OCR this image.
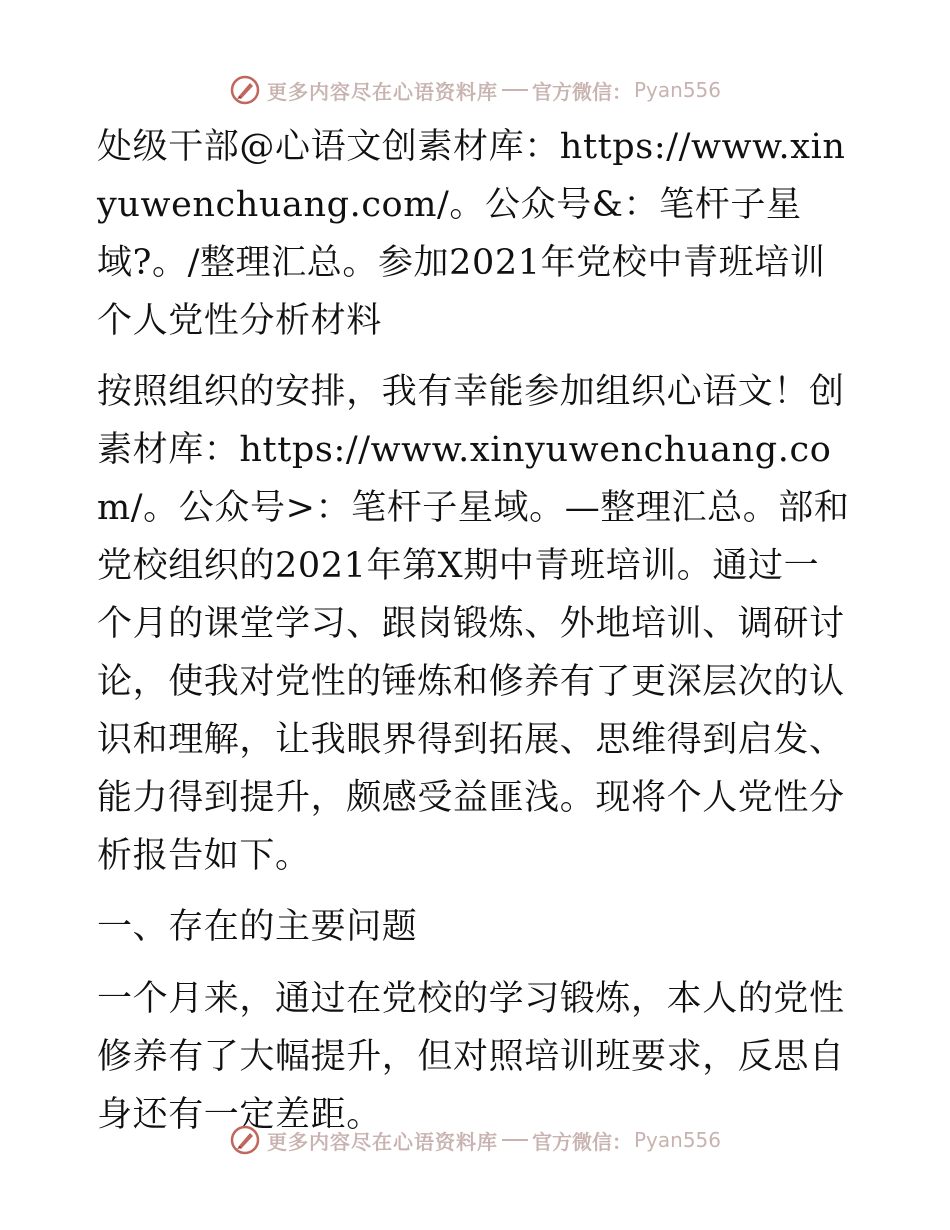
更多内容尽在心语资料库 官方微信： Pyan556

处级干部@心语文创素材库：https://www.xinyuwenchuang.com/。公众号&：笔杆子星域?。/整理汇总。参加2021年党校中青班培训个人党性分析材料

按照组织的安排，我有幸能参加组织心语文！创素材库：https://www.xinyuwenchuang.com/。公众号>：笔杆子星域。—整理汇总。部和党校组织的2021年第X期中青班培训。通过一个月的课堂学习、跟岗锻炼、外地培训、调研讨论，使我对党性的锤炼和修养有了更深层次的认识和理解，让我眼界得到拓展、思维得到启发、能力得到提升，颇感受益匪浅。现将个人党性分析报告如下。

一、存在的主要问题

一个月来，通过在党校的学习锻炼，本人的党性修养有了大幅提升，但对照培训班要求，反思自身还有一定差距。

更多内容尽在心语资料库 官方微信： Pyan556
